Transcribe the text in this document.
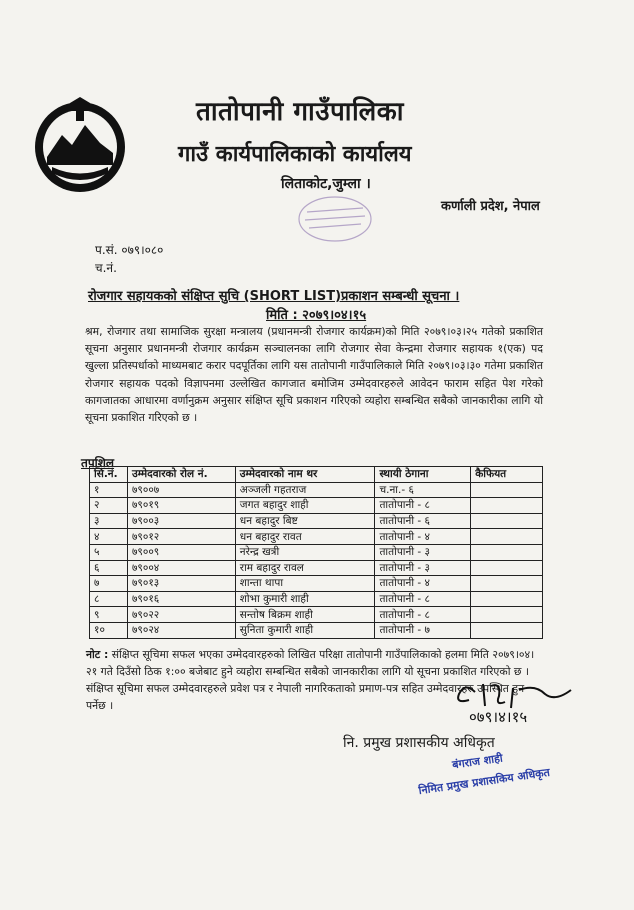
तातोपानी गाउँपालिका
गाउँ कार्यपालिकाको कार्यालय
लिताकोट,जुम्ला ।
कर्णाली प्रदेश, नेपाल
प.सं. ०७९।०८०
च.नं.
रोजगार सहायकको संक्षिप्त सुचि (SHORT LIST)प्रकाशन सम्बन्धी सूचना ।
मिति : २०७९।०४।१५
श्रम, रोजगार तथा सामाजिक सुरक्षा मन्त्रालय (प्रधानमन्त्री रोजगार कार्यक्रम)को मिति २०७९।०३।२५ गतेको प्रकाशित सूचना अनुसार प्रधानमन्त्री रोजगार कार्यक्रम सञ्चालनका लागि रोजगार सेवा केन्द्रमा रोजगार सहायक १(एक) पद खुल्ला प्रतिस्पर्धाको माध्यमबाट करार पदपूर्तिका लागि यस तातोपानी गाउँपालिकाले मिति २०७९।०३।३० गतेमा प्रकाशित रोजगार सहायक पदको विज्ञापनमा उल्लेखित कागजात बमोजिम उम्मेदवारहरुले आवेदन फाराम सहित पेश गरेको कागजातका आधारमा वर्णानुक्रम अनुसार संक्षिप्त सूचि प्रकाशन गरिएको व्यहोरा सम्बन्धित सबैको जानकारीका लागि यो सूचना प्रकाशित गरिएको छ ।
तपशिल
सि.नं.	उम्मेदवारको रोल नं.	उम्मेदवारको नाम थर	स्थायी ठेगाना	कैफियत
१	७९००७	अञ्जली गहतराज	च.ना.- ६	
२	७९०१९	जगत बहादुर शाही	तातोपानी - ८	
३	७९००३	धन बहादुर बिष्ट	तातोपानी - ६	
४	७९०१२	धन बहादुर रावत	तातोपानी - ४	
५	७९००९	नरेन्द्र खत्री	तातोपानी - ३	
६	७९००४	राम बहादुर रावल	तातोपानी - ३	
७	७९०१३	शान्ता थापा	तातोपानी - ४	
८	७९०१६	शोभा कुमारी शाही	तातोपानी - ८	
९	७९०२२	सन्तोष बिक्रम शाही	तातोपानी - ८	
१०	७९०२४	सुनिता कुमारी शाही	तातोपानी - ७	
नोट : संक्षिप्त सूचिमा सफल भएका उम्मेदवारहरुको लिखित परिक्षा तातोपानी गाउँपालिकाको हलमा मिति २०७९।०४।२१ गते दिउँसो ठिक १:०० बजेबाट हुने व्यहोरा सम्बन्धित सबैको जानकारीका लागि यो सूचना प्रकाशित गरिएको छ । संक्षिप्त सूचिमा सफल उम्मेदवारहरुले प्रवेश पत्र र नेपाली नागरिकताको प्रमाण-पत्र सहित उम्मेदवारहरु उपस्थित हुन पर्नेछ ।
०७९।४।१५
नि. प्रमुख प्रशासकीय अधिकृत
बंगराज शाही
निमित प्रमुख प्रशासकिय अधिकृत
